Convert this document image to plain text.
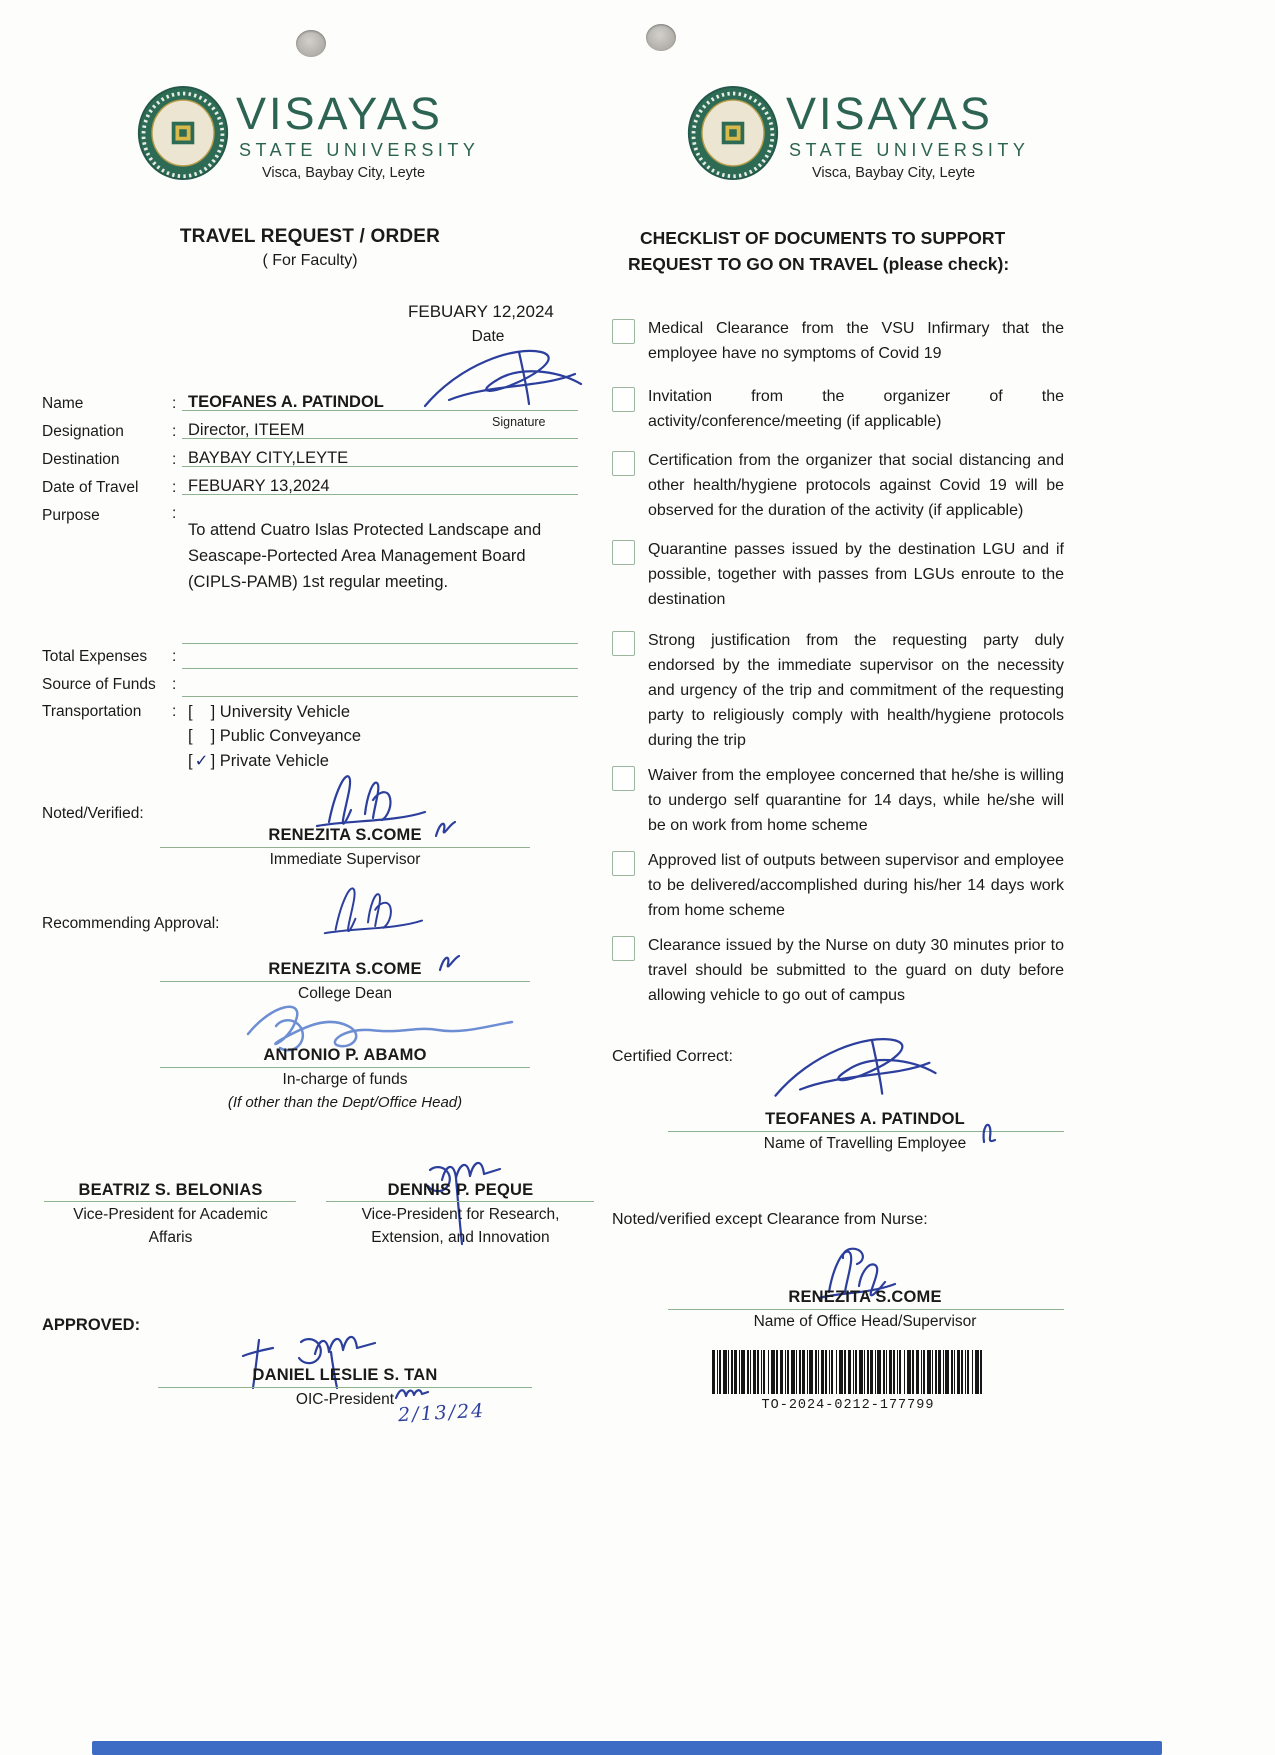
VISAYAS
STATE UNIVERSITY
Visca, Baybay City, Leyte
VISAYAS
STATE UNIVERSITY
Visca, Baybay City, Leyte
TRAVEL REQUEST / ORDER
( For Faculty)
FEBUARY 12,2024
Date
Name	: TEOFANES A. PATINDOL
Signature
Designation	: Director, ITEEM
Destination	: BAYBAY CITY,LEYTE
Date of Travel : FEBUARY 13,2024
Purpose	:
To attend Cuatro Islas Protected Landscape and Seascape-Portected Area Management Board (CIPLS-PAMB) 1st regular meeting.
Total Expenses :
Source of Funds :
Transportation : [ ] University Vehicle
[ ] Public Conveyance
[ ✓ ] Private Vehicle
Noted/Verified:
RENEZITA S.COME
Immediate Supervisor
Recommending Approval:
RENEZITA S.COME
College Dean
ANTONIO P. ABAMO
In-charge of funds
(If other than the Dept/Office Head)
BEATRIZ S. BELONIAS
Vice-President for Academic
Affaris
DENNIS P. PEQUE
Vice-President for Research,
Extension, and Innovation
APPROVED:
DANIEL LESLIE S. TAN
OIC-President
2/13/24
CHECKLIST OF DOCUMENTS TO SUPPORT
REQUEST TO GO ON TRAVEL (please check):
Medical Clearance from the VSU Infirmary that the employee have no symptoms of Covid 19
Invitation from the organizer of the activity/conference/meeting (if applicable)
Certification from the organizer that social distancing and other health/hygiene protocols against Covid 19 will be observed for the duration of the activity (if applicable)
Quarantine passes issued by the destination LGU and if possible, together with passes from LGUs enroute to the destination
Strong justification from the requesting party duly endorsed by the immediate supervisor on the necessity and urgency of the trip and commitment of the requesting party to religiously comply with health/hygiene protocols during the trip
Waiver from the employee concerned that he/she is willing to undergo self quarantine for 14 days, while he/she will be on work from home scheme
Approved list of outputs between supervisor and employee to be delivered/accomplished during his/her 14 days work from home scheme
Clearance issued by the Nurse on duty 30 minutes prior to travel should be submitted to the guard on duty before allowing vehicle to go out of campus
Certified Correct:
TEOFANES A. PATINDOL
Name of Travelling Employee
Noted/verified except Clearance from Nurse:
RENEZITA S.COME
Name of Office Head/Supervisor
TO-2024-0212-177799
